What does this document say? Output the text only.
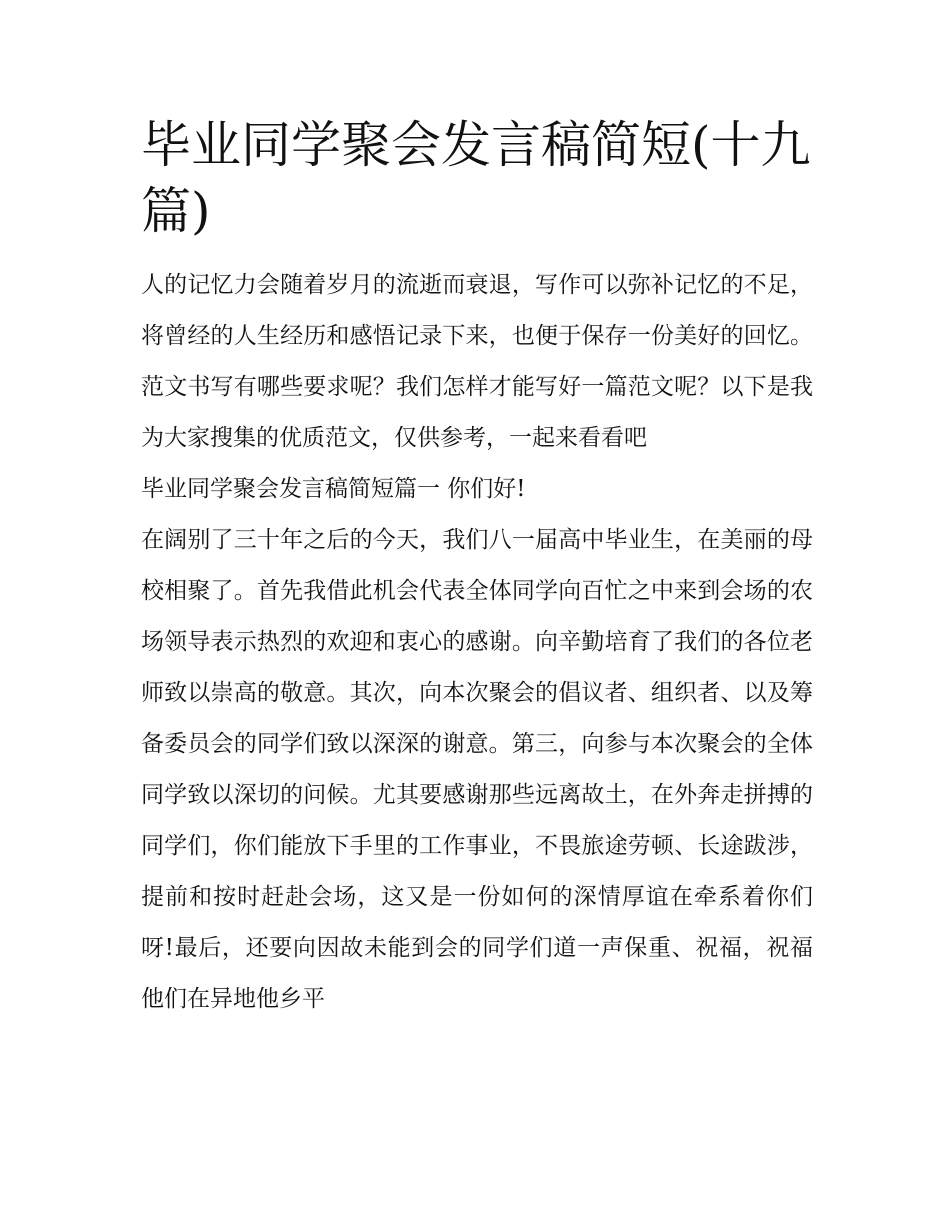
毕业同学聚会发言稿简短(十九篇)

人的记忆力会随着岁月的流逝而衰退，写作可以弥补记忆的不足，将曾经的人生经历和感悟记录下来，也便于保存一份美好的回忆。范文书写有哪些要求呢？我们怎样才能写好一篇范文呢？以下是我为大家搜集的优质范文，仅供参考，一起来看看吧

毕业同学聚会发言稿简短篇一 你们好!

在阔别了三十年之后的今天，我们八一届高中毕业生，在美丽的母校相聚了。首先我借此机会代表全体同学向百忙之中来到会场的农场领导表示热烈的欢迎和衷心的感谢。向辛勤培育了我们的各位老师致以崇高的敬意。其次，向本次聚会的倡议者、组织者、以及筹备委员会的同学们致以深深的谢意。第三，向参与本次聚会的全体同学致以深切的问候。尤其要感谢那些远离故土，在外奔走拼搏的同学们，你们能放下手里的工作事业，不畏旅途劳顿、长途跋涉，提前和按时赶赴会场，这又是一份如何的深情厚谊在牵系着你们呀!最后，还要向因故未能到会的同学们道一声保重、祝福，祝福他们在异地他乡平
